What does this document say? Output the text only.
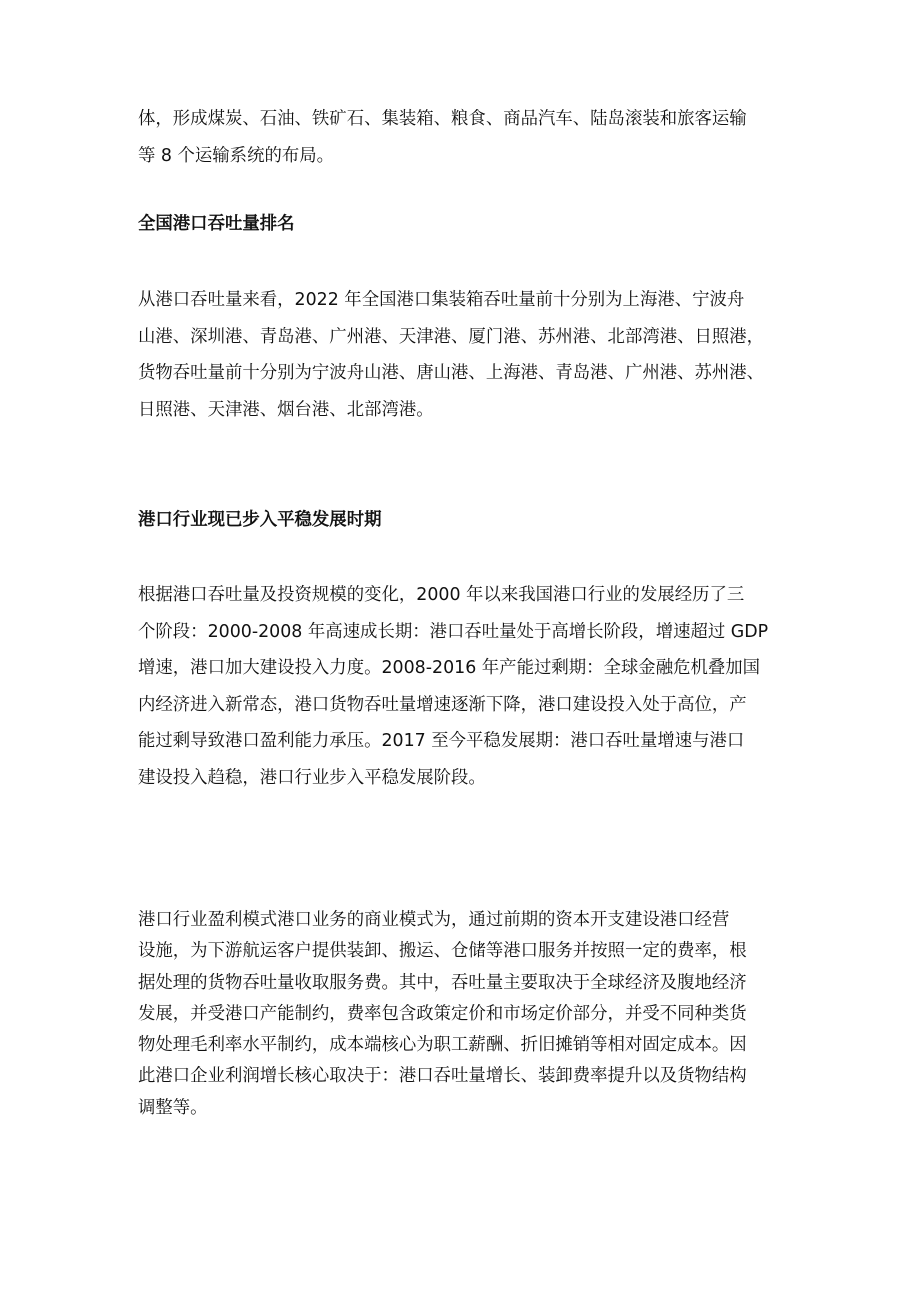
体，形成煤炭、石油、铁矿石、集装箱、粮食、商品汽车、陆岛滚装和旅客运输
等 8 个运输系统的布局。

全国港口吞吐量排名

从港口吞吐量来看，2022 年全国港口集装箱吞吐量前十分别为上海港、宁波舟
山港、深圳港、青岛港、广州港、天津港、厦门港、苏州港、北部湾港、日照港，
货物吞吐量前十分别为宁波舟山港、唐山港、上海港、青岛港、广州港、苏州港、
日照港、天津港、烟台港、北部湾港。

港口行业现已步入平稳发展时期

根据港口吞吐量及投资规模的变化，2000 年以来我国港口行业的发展经历了三
个阶段：2000-2008 年高速成长期：港口吞吐量处于高增长阶段，增速超过 GDP
增速，港口加大建设投入力度。2008-2016 年产能过剩期：全球金融危机叠加国
内经济进入新常态，港口货物吞吐量增速逐渐下降，港口建设投入处于高位，产
能过剩导致港口盈利能力承压。2017 至今平稳发展期：港口吞吐量增速与港口
建设投入趋稳，港口行业步入平稳发展阶段。

港口行业盈利模式港口业务的商业模式为，通过前期的资本开支建设港口经营
设施，为下游航运客户提供装卸、搬运、仓储等港口服务并按照一定的费率，根
据处理的货物吞吐量收取服务费。其中，吞吐量主要取决于全球经济及腹地经济
发展，并受港口产能制约，费率包含政策定价和市场定价部分，并受不同种类货
物处理毛利率水平制约，成本端核心为职工薪酬、折旧摊销等相对固定成本。因
此港口企业利润增长核心取决于：港口吞吐量增长、装卸费率提升以及货物结构
调整等。
